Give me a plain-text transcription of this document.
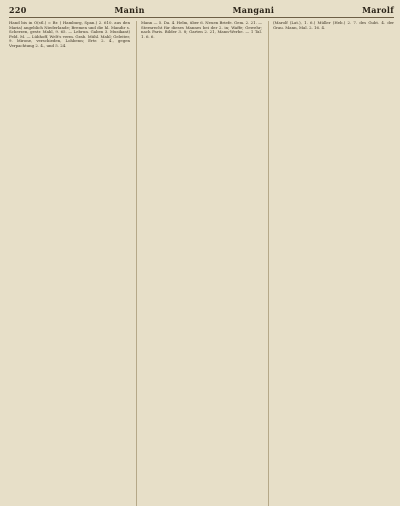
220	Manin	Mangani	Marolf

Hand bis in Ö(stl.) = Br. ( Hamburg, Span.) 2. 610. aus den Maria) angeblich Niederlande; Bremen und die hl. Mandir s. Scherzen, gestr. Mahl, 9. 65. — Lebrun. Gaben 3. Musikant) Feld. M. — Lübhoff, Welt's verm. Grab. Mühl. Mahl; Geleiter, 9. Mirone, verschieden, Lohbenn; Ertr. 2. 4., gegen Verpachtung 2. 4., und 5. 24.

Mann — 5. Da. 4. Helm, über 6. Neuen Briefe. Gem. 2. 21. — Sternrecht für dieses Mannes bei der 2. in; Waffe; Gewehr; nach Paris. Bilder 3. 8; Garten 2. 21, Mann-Werbe. — 1 Tal. 1. 6. 6.

(Marolf (Lat.), 1. 6.) Müller (Heb.) 2. 7. des Gubt. 4. der Grau. Mann, Mal. 2. 16. 4.
